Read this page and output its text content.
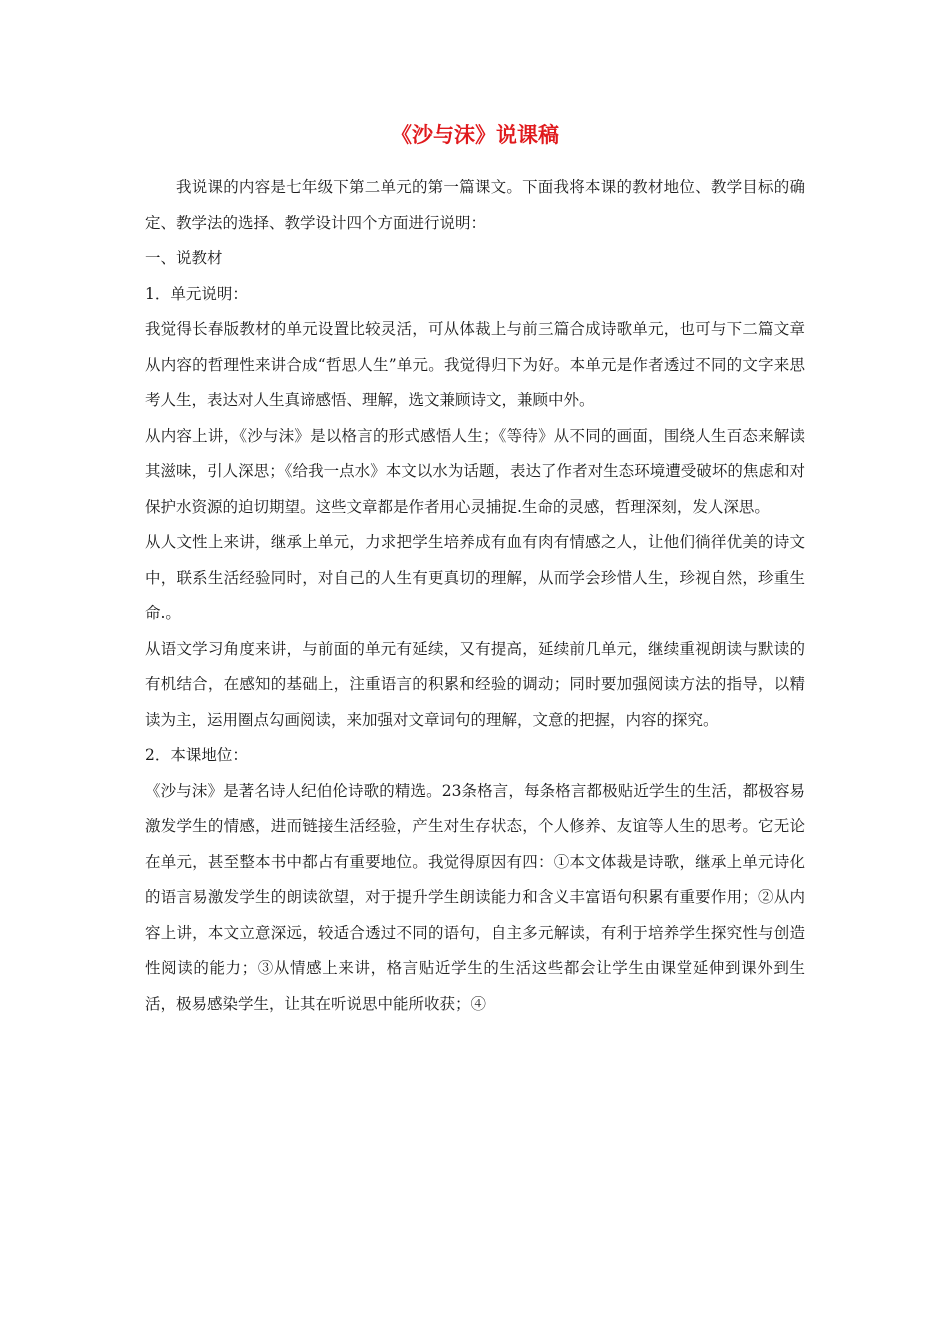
《沙与沫》说课稿

我说课的内容是七年级下第二单元的第一篇课文。下面我将本课的教材地位、教学目标的确定、教学法的选择、教学设计四个方面进行说明：

一、说教材

1．单元说明：

我觉得长春版教材的单元设置比较灵活，可从体裁上与前三篇合成诗歌单元，也可与下二篇文章从内容的哲理性来讲合成“哲思人生”单元。我觉得归下为好。本单元是作者透过不同的文字来思考人生，表达对人生真谛感悟、理解，选文兼顾诗文，兼顾中外。

从内容上讲，《沙与沫》是以格言的形式感悟人生；《等待》从不同的画面，围绕人生百态来解读其滋味，引人深思；《给我一点水》本文以水为话题，表达了作者对生态环境遭受破坏的焦虑和对保护水资源的迫切期望。这些文章都是作者用心灵捕捉.生命的灵感，哲理深刻，发人深思。

从人文性上来讲，继承上单元，力求把学生培养成有血有肉有情感之人，让他们徜徉优美的诗文中，联系生活经验同时，对自己的人生有更真切的理解，从而学会珍惜人生，珍视自然，珍重生命.。

从语文学习角度来讲，与前面的单元有延续，又有提高，延续前几单元，继续重视朗读与默读的有机结合，在感知的基础上，注重语言的积累和经验的调动；同时要加强阅读方法的指导，以精读为主，运用圈点勾画阅读，来加强对文章词句的理解，文意的把握，内容的探究。

2．本课地位：

《沙与沫》是著名诗人纪伯伦诗歌的精选。23条格言，每条格言都极贴近学生的生活，都极容易激发学生的情感，进而链接生活经验，产生对生存状态，个人修养、友谊等人生的思考。它无论在单元，甚至整本书中都占有重要地位。我觉得原因有四：①本文体裁是诗歌，继承上单元诗化的语言易激发学生的朗读欲望，对于提升学生朗读能力和含义丰富语句积累有重要作用；②从内容上讲，本文立意深远，较适合透过不同的语句，自主多元解读，有利于培养学生探究性与创造性阅读的能力；③从情感上来讲，格言贴近学生的生活这些都会让学生由课堂延伸到课外到生活，极易感染学生，让其在听说思中能所收获；④
